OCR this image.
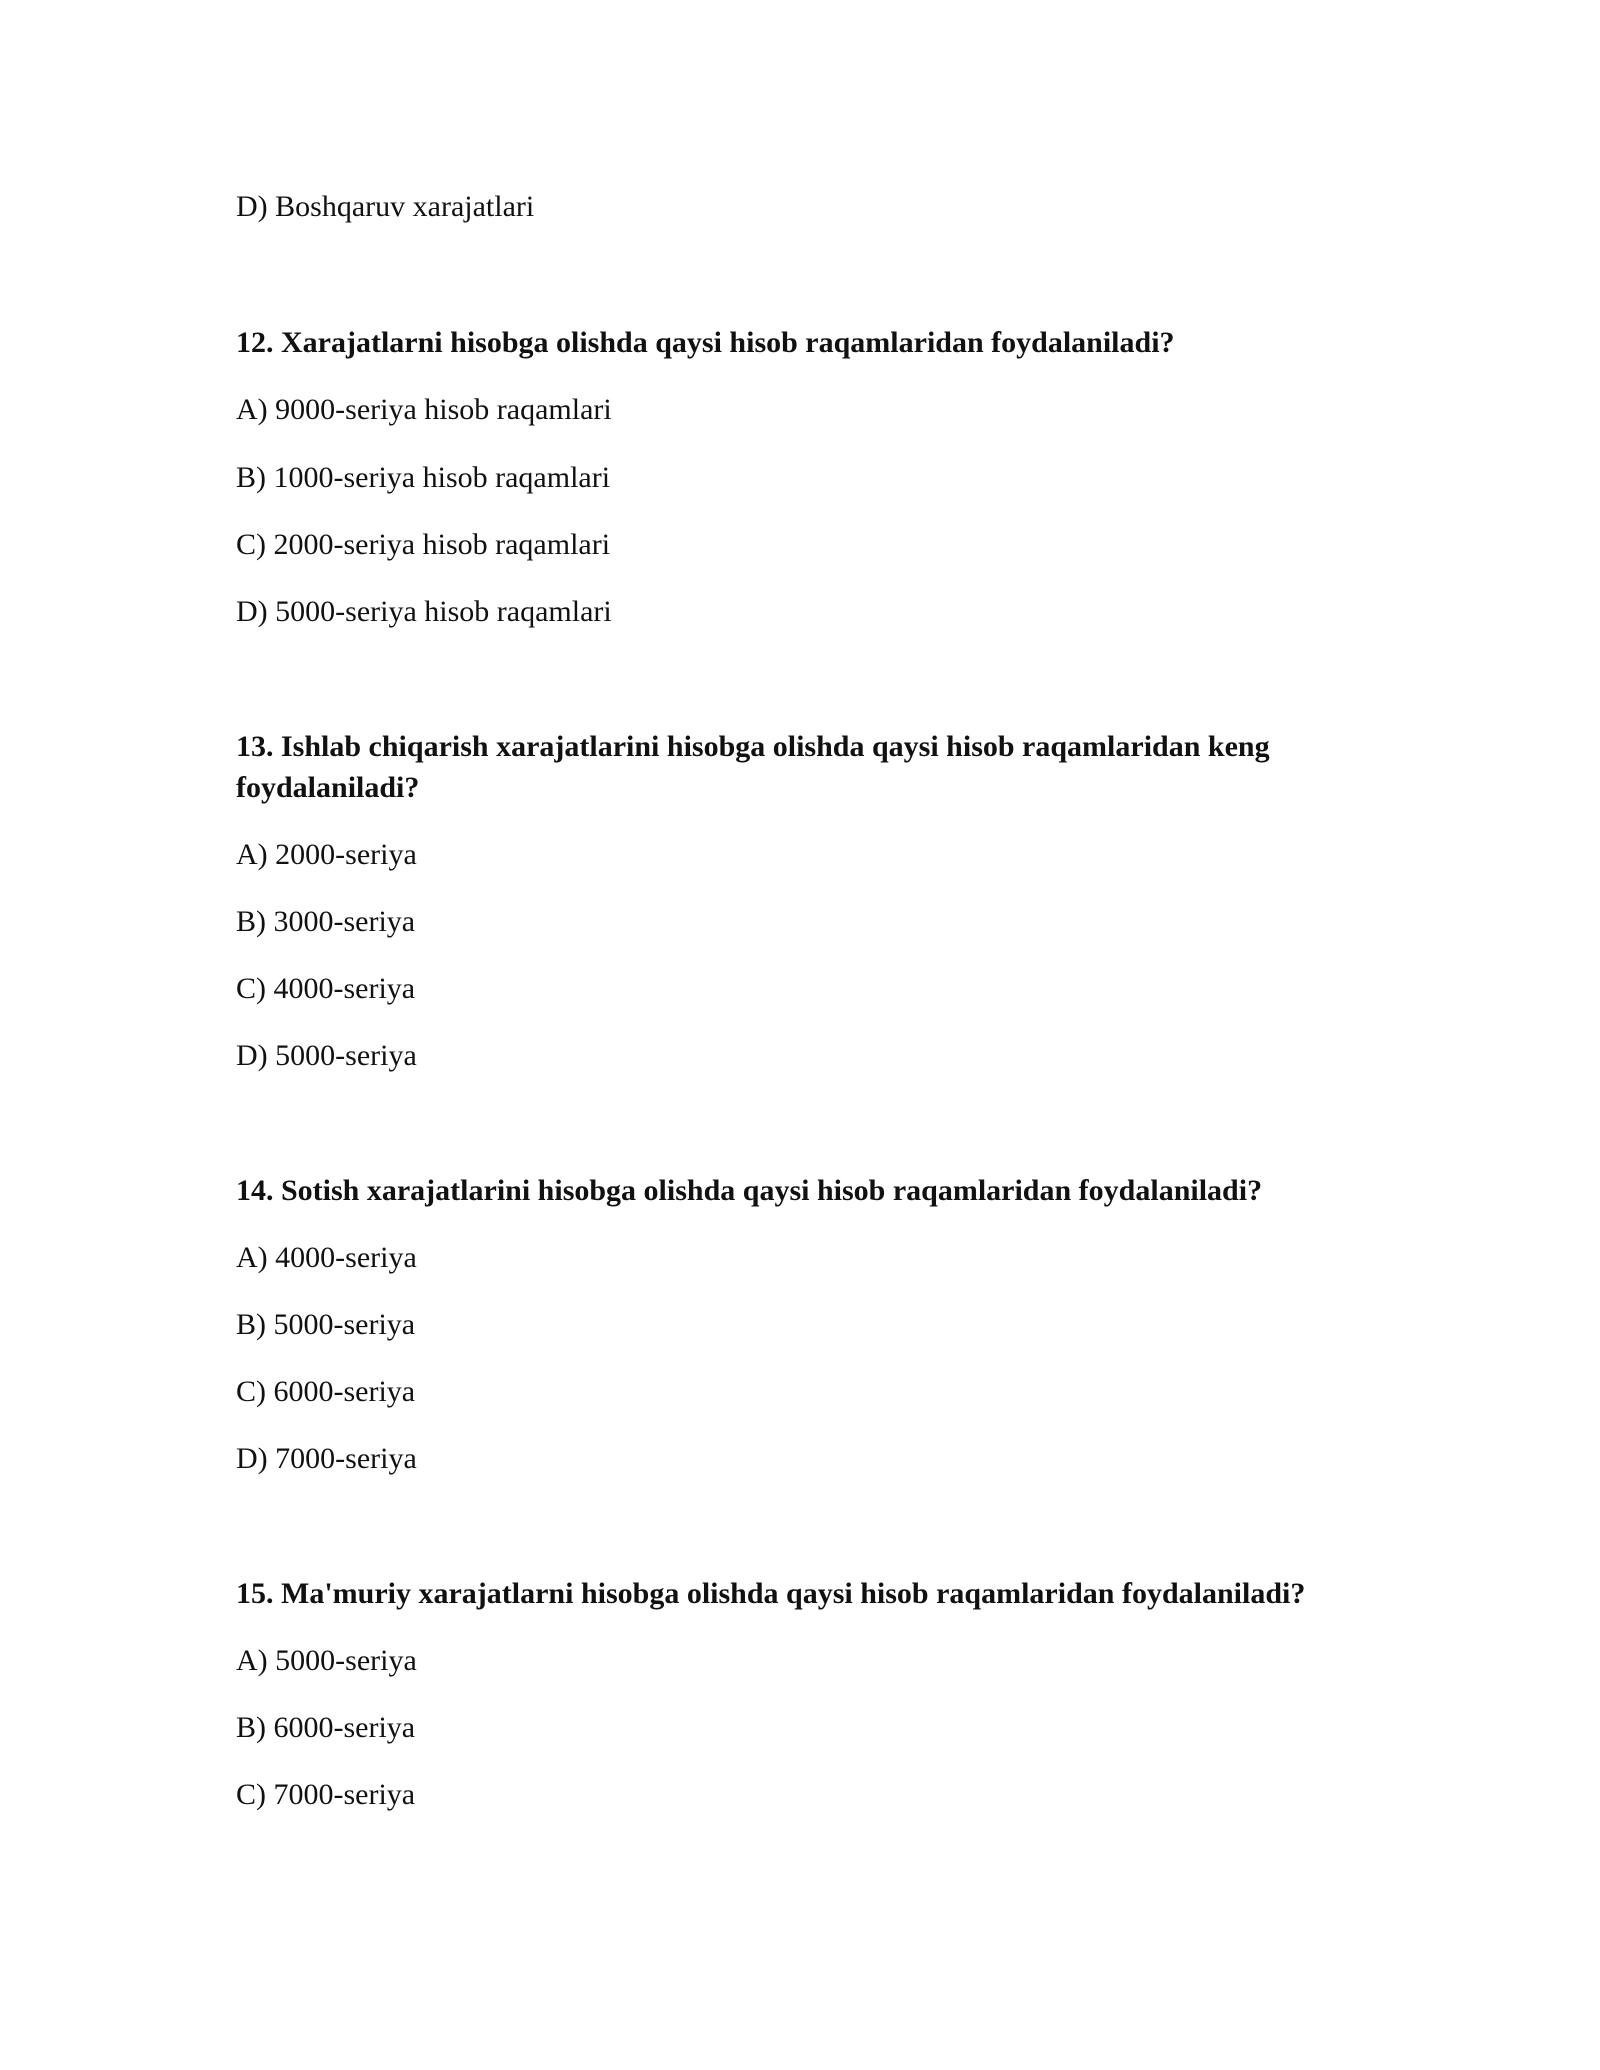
D) Boshqaruv xarajatlari
12. Xarajatlarni hisobga olishda qaysi hisob raqamlaridan foydalaniladi?
A) 9000-seriya hisob raqamlari
B) 1000-seriya hisob raqamlari
C) 2000-seriya hisob raqamlari
D) 5000-seriya hisob raqamlari
13. Ishlab chiqarish xarajatlarini hisobga olishda qaysi hisob raqamlaridan keng
foydalaniladi?
A) 2000-seriya
B) 3000-seriya
C) 4000-seriya
D) 5000-seriya
14. Sotish xarajatlarini hisobga olishda qaysi hisob raqamlaridan foydalaniladi?
A) 4000-seriya
B) 5000-seriya
C) 6000-seriya
D) 7000-seriya
15. Ma'muriy xarajatlarni hisobga olishda qaysi hisob raqamlaridan foydalaniladi?
A) 5000-seriya
B) 6000-seriya
C) 7000-seriya
